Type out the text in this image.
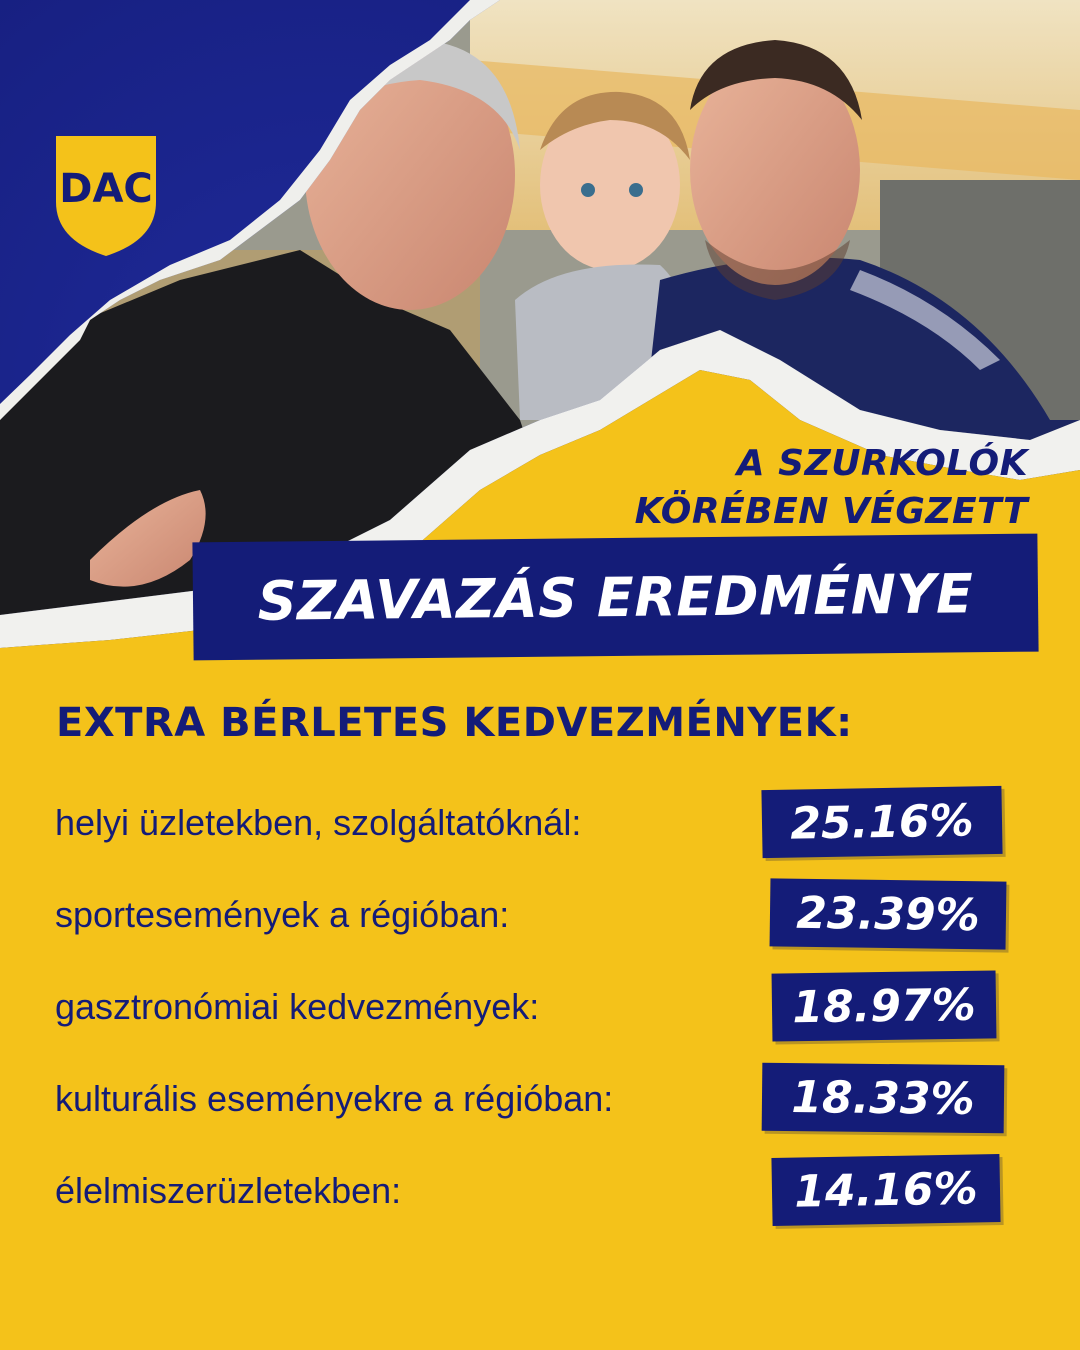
DAC
A SZURKOLÓK
KÖRÉBEN VÉGZETT
SZAVAZÁS EREDMÉNYE
EXTRA BÉRLETES KEDVEZMÉNYEK:
helyi üzletekben, szolgáltatóknál:	25.16%
sportesemények a régióban:	23.39%
gasztronómiai kedvezmények:	18.97%
kulturális eseményekre a régióban:	18.33%
élelmiszerüzletekben:	14.16%
